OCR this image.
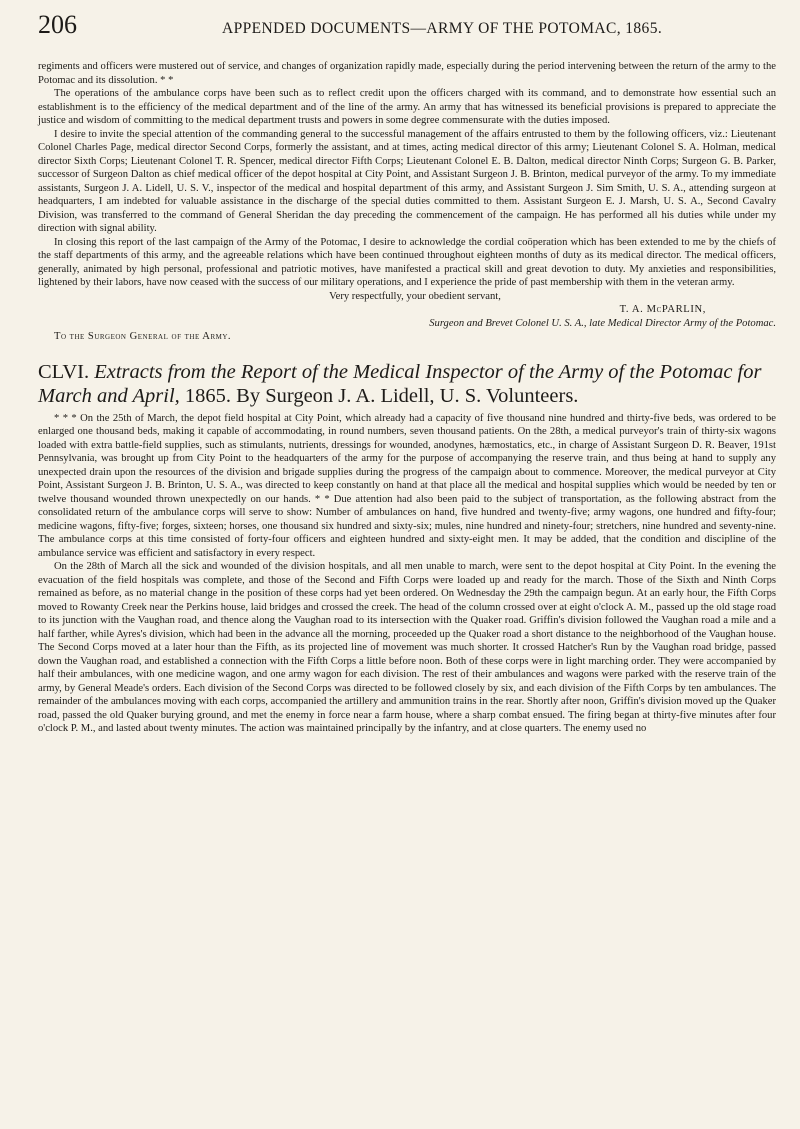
206	APPENDED DOCUMENTS—ARMY OF THE POTOMAC, 1865.

regiments and officers were mustered out of service, and changes of organization rapidly made, especially during the period intervening between the return of the army to the Potomac and its dissolution. * *

The operations of the ambulance corps have been such as to reflect credit upon the officers charged with its command, and to demonstrate how essential such an establishment is to the efficiency of the medical department and of the line of the army. An army that has witnessed its beneficial provisions is prepared to appreciate the justice and wisdom of committing to the medical department trusts and powers in some degree commensurate with the duties imposed.

I desire to invite the special attention of the commanding general to the successful management of the affairs entrusted to them by the following officers, viz.: Lieutenant Colonel Charles Page, medical director Second Corps, formerly the assistant, and at times, acting medical director of this army; Lieutenant Colonel S. A. Holman, medical director Sixth Corps; Lieutenant Colonel T. R. Spencer, medical director Fifth Corps; Lieutenant Colonel E. B. Dalton, medical director Ninth Corps; Surgeon G. B. Parker, successor of Surgeon Dalton as chief medical officer of the depot hospital at City Point, and Assistant Surgeon J. B. Brinton, medical purveyor of the army. To my immediate assistants, Surgeon J. A. Lidell, U. S. V., inspector of the medical and hospital department of this army, and Assistant Surgeon J. Sim Smith, U. S. A., attending surgeon at headquarters, I am indebted for valuable assistance in the discharge of the special duties committed to them. Assistant Surgeon E. J. Marsh, U. S. A., Second Cavalry Division, was transferred to the command of General Sheridan the day preceding the commencement of the campaign. He has performed all his duties while under my direction with signal ability.

In closing this report of the last campaign of the Army of the Potomac, I desire to acknowledge the cordial coöperation which has been extended to me by the chiefs of the staff departments of this army, and the agreeable relations which have been continued throughout eighteen months of duty as its medical director. The medical officers, generally, animated by high personal, professional and patriotic motives, have manifested a practical skill and great devotion to duty. My anxieties and responsibilities, lightened by their labors, have now ceased with the success of our military operations, and I experience the pride of past membership with them in the veteran army.

Very respectfully, your obedient servant,

T. A. McPARLIN,

Surgeon and Brevet Colonel U. S. A., late Medical Director Army of the Potomac.

To the Surgeon General of the Army.

CLVI. Extracts from the Report of the Medical Inspector of the Army of the Potomac for March and April, 1865. By Surgeon J. A. Lidell, U. S. Volunteers.

* * * On the 25th of March, the depot field hospital at City Point, which already had a capacity of five thousand nine hundred and thirty-five beds, was ordered to be enlarged one thousand beds, making it capable of accommodating, in round numbers, seven thousand patients. On the 28th, a medical purveyor's train of thirty-six wagons loaded with extra battle-field supplies, such as stimulants, nutrients, dressings for wounded, anodynes, hæmostatics, etc., in charge of Assistant Surgeon D. R. Beaver, 191st Pennsylvania, was brought up from City Point to the headquarters of the army for the purpose of accompanying the reserve train, and thus being at hand to supply any unexpected drain upon the resources of the division and brigade supplies during the progress of the campaign about to commence. Moreover, the medical purveyor at City Point, Assistant Surgeon J. B. Brinton, U. S. A., was directed to keep constantly on hand at that place all the medical and hospital supplies which would be needed by ten or twelve thousand wounded thrown unexpectedly on our hands. * * Due attention had also been paid to the subject of transportation, as the following abstract from the consolidated return of the ambulance corps will serve to show: Number of ambulances on hand, five hundred and twenty-five; army wagons, one hundred and fifty-four; medicine wagons, fifty-five; forges, sixteen; horses, one thousand six hundred and sixty-six; mules, nine hundred and ninety-four; stretchers, nine hundred and seventy-nine. The ambulance corps at this time consisted of forty-four officers and eighteen hundred and sixty-eight men. It may be added, that the condition and discipline of the ambulance service was efficient and satisfactory in every respect.

On the 28th of March all the sick and wounded of the division hospitals, and all men unable to march, were sent to the depot hospital at City Point. In the evening the evacuation of the field hospitals was complete, and those of the Second and Fifth Corps were loaded up and ready for the march. Those of the Sixth and Ninth Corps remained as before, as no material change in the position of these corps had yet been ordered. On Wednesday the 29th the campaign begun. At an early hour, the Fifth Corps moved to Rowanty Creek near the Perkins house, laid bridges and crossed the creek. The head of the column crossed over at eight o'clock A. M., passed up the old stage road to its junction with the Vaughan road, and thence along the Vaughan road to its intersection with the Quaker road. Griffin's division followed the Vaughan road a mile and a half farther, while Ayres's division, which had been in the advance all the morning, proceeded up the Quaker road a short distance to the neighborhood of the Vaughan house. The Second Corps moved at a later hour than the Fifth, as its projected line of movement was much shorter. It crossed Hatcher's Run by the Vaughan road bridge, passed down the Vaughan road, and established a connection with the Fifth Corps a little before noon. Both of these corps were in light marching order. They were accompanied by half their ambulances, with one medicine wagon, and one army wagon for each division. The rest of their ambulances and wagons were parked with the reserve train of the army, by General Meade's orders. Each division of the Second Corps was directed to be followed closely by six, and each division of the Fifth Corps by ten ambulances. The remainder of the ambulances moving with each corps, accompanied the artillery and ammunition trains in the rear. Shortly after noon, Griffin's division moved up the Quaker road, passed the old Quaker burying ground, and met the enemy in force near a farm house, where a sharp combat ensued. The firing began at thirty-five minutes after four o'clock P. M., and lasted about twenty minutes. The action was maintained principally by the infantry, and at close quarters. The enemy used no
